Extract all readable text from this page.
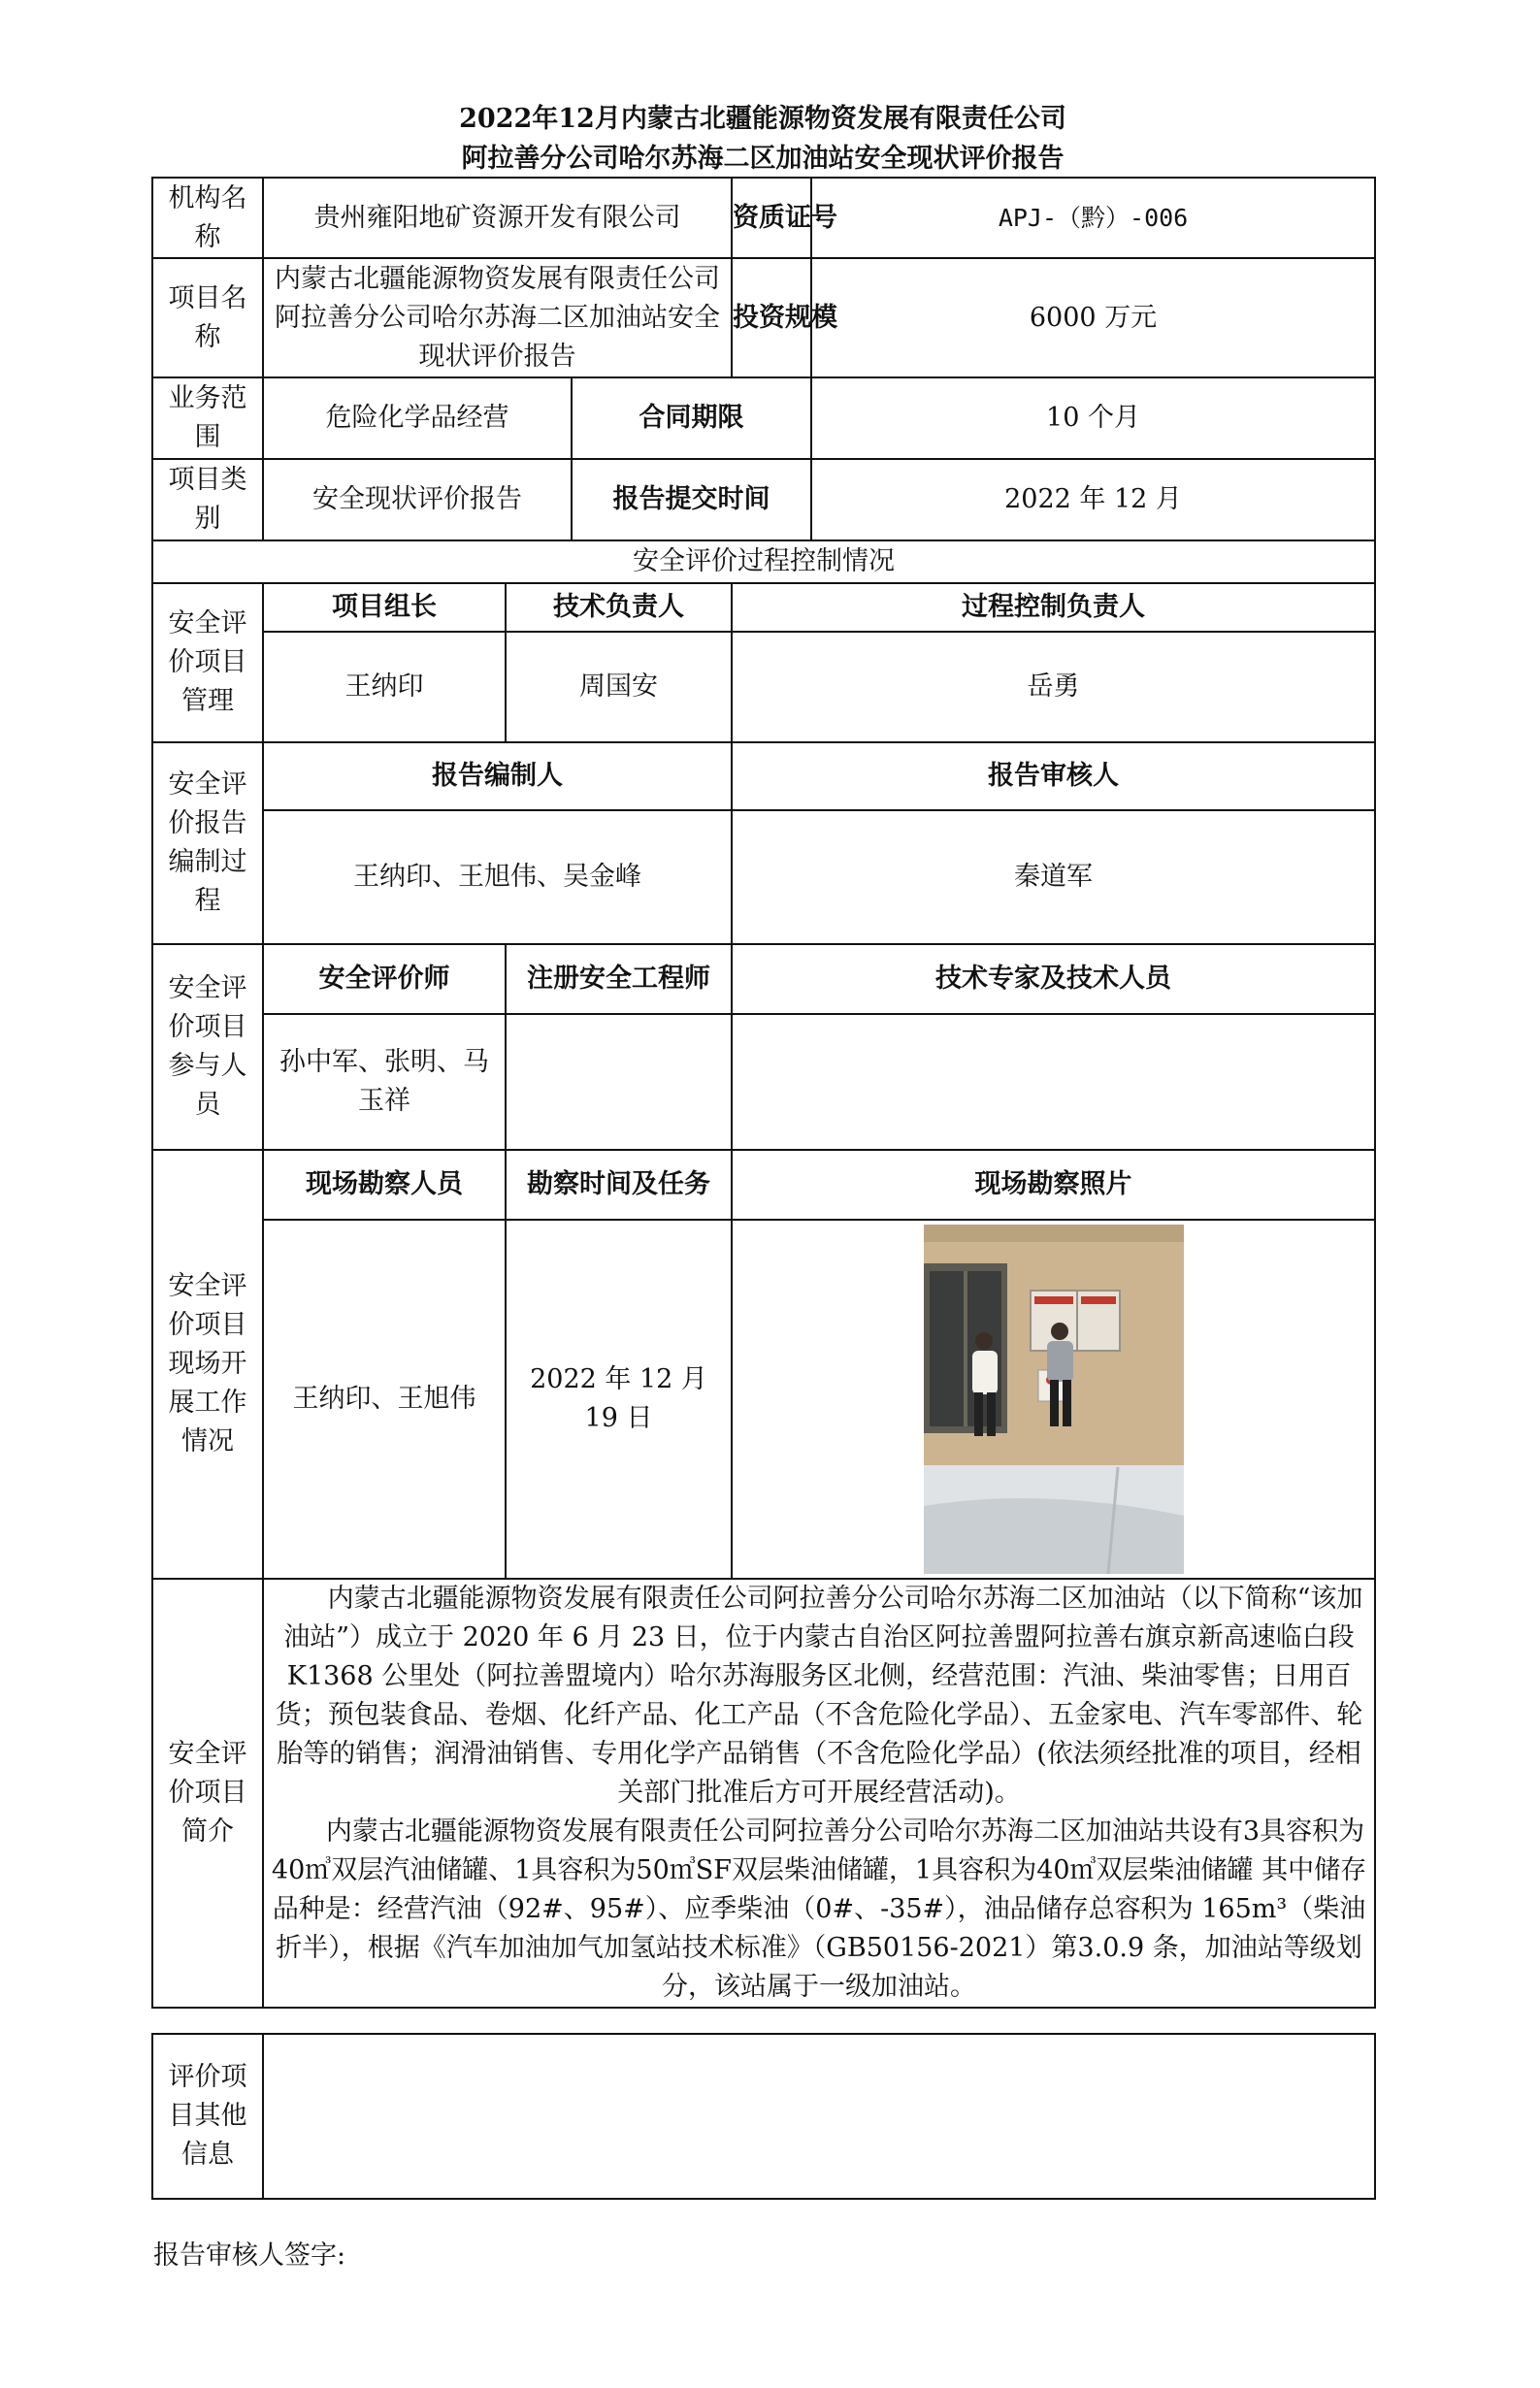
2022年12月内蒙古北疆能源物资发展有限责任公司
阿拉善分公司哈尔苏海二区加油站安全现状评价报告
机构名称	贵州雍阳地矿资源开发有限公司			资质证号	APJ-（黔）-006
项目名称	内蒙古北疆能源物资发展有限责任公司阿拉善分公司哈尔苏海二区加油站安全现状评价报告			投资规模	6000 万元
业务范围	危险化学品经营		合同期限		10 个月
项目类别	安全现状评价报告		报告提交时间		2022 年 12 月
安全评价过程控制情况					
安全评价项目管理	项目组长	技术负责人		过程控制负责人	
	王纳印	周国安		岳勇	
安全评价报告编制过程	报告编制人			报告审核人	
	王纳印、王旭伟、吴金峰			秦道军	
安全评价项目参与人员	安全评价师	注册安全工程师		技术专家及技术人员	
	孙中军、张明、马玉祥				
安全评价项目现场开展工作情况	现场勘察人员	勘察时间及任务		现场勘察照片	
	王纳印、王旭伟	2022 年 12 月 19 日	

安全评价项目简介	内蒙古北疆能源物资发展有限责任公司阿拉善分公司哈尔苏海二区加油站（以下简称“该加油站”）成立于 2020 年 6 月 23 日，位于内蒙古自治区阿拉善盟阿拉善右旗京新高速临白段 K1368 公里处（阿拉善盟境内）哈尔苏海服务区北侧，经营范围：汽油、柴油零售；日用百货；预包装食品、卷烟、化纤产品、化工产品（不含危险化学品）、五金家电、汽车零部件、轮胎等的销售；润滑油销售、专用化学产品销售（不含危险化学品）(依法须经批准的项目，经相关部门批准后方可开展经营活动)。

内蒙古北疆能源物资发展有限责任公司阿拉善分公司哈尔苏海二区加油站共设有3具容积为40㎥双层汽油储罐、1具容积为50㎥SF双层柴油储罐，1具容积为40㎥双层柴油储罐 其中储存品种是：经营汽油（92#、95#）、应季柴油（0#、-35#），油品储存总容积为 165m³（柴油折半），根据《汽车加油加气加氢站技术标准》（GB50156-2021）第3.0.9 条，加油站等级划分，该站属于一级加油站。				

评价项目其他信息	
报告审核人签字:
